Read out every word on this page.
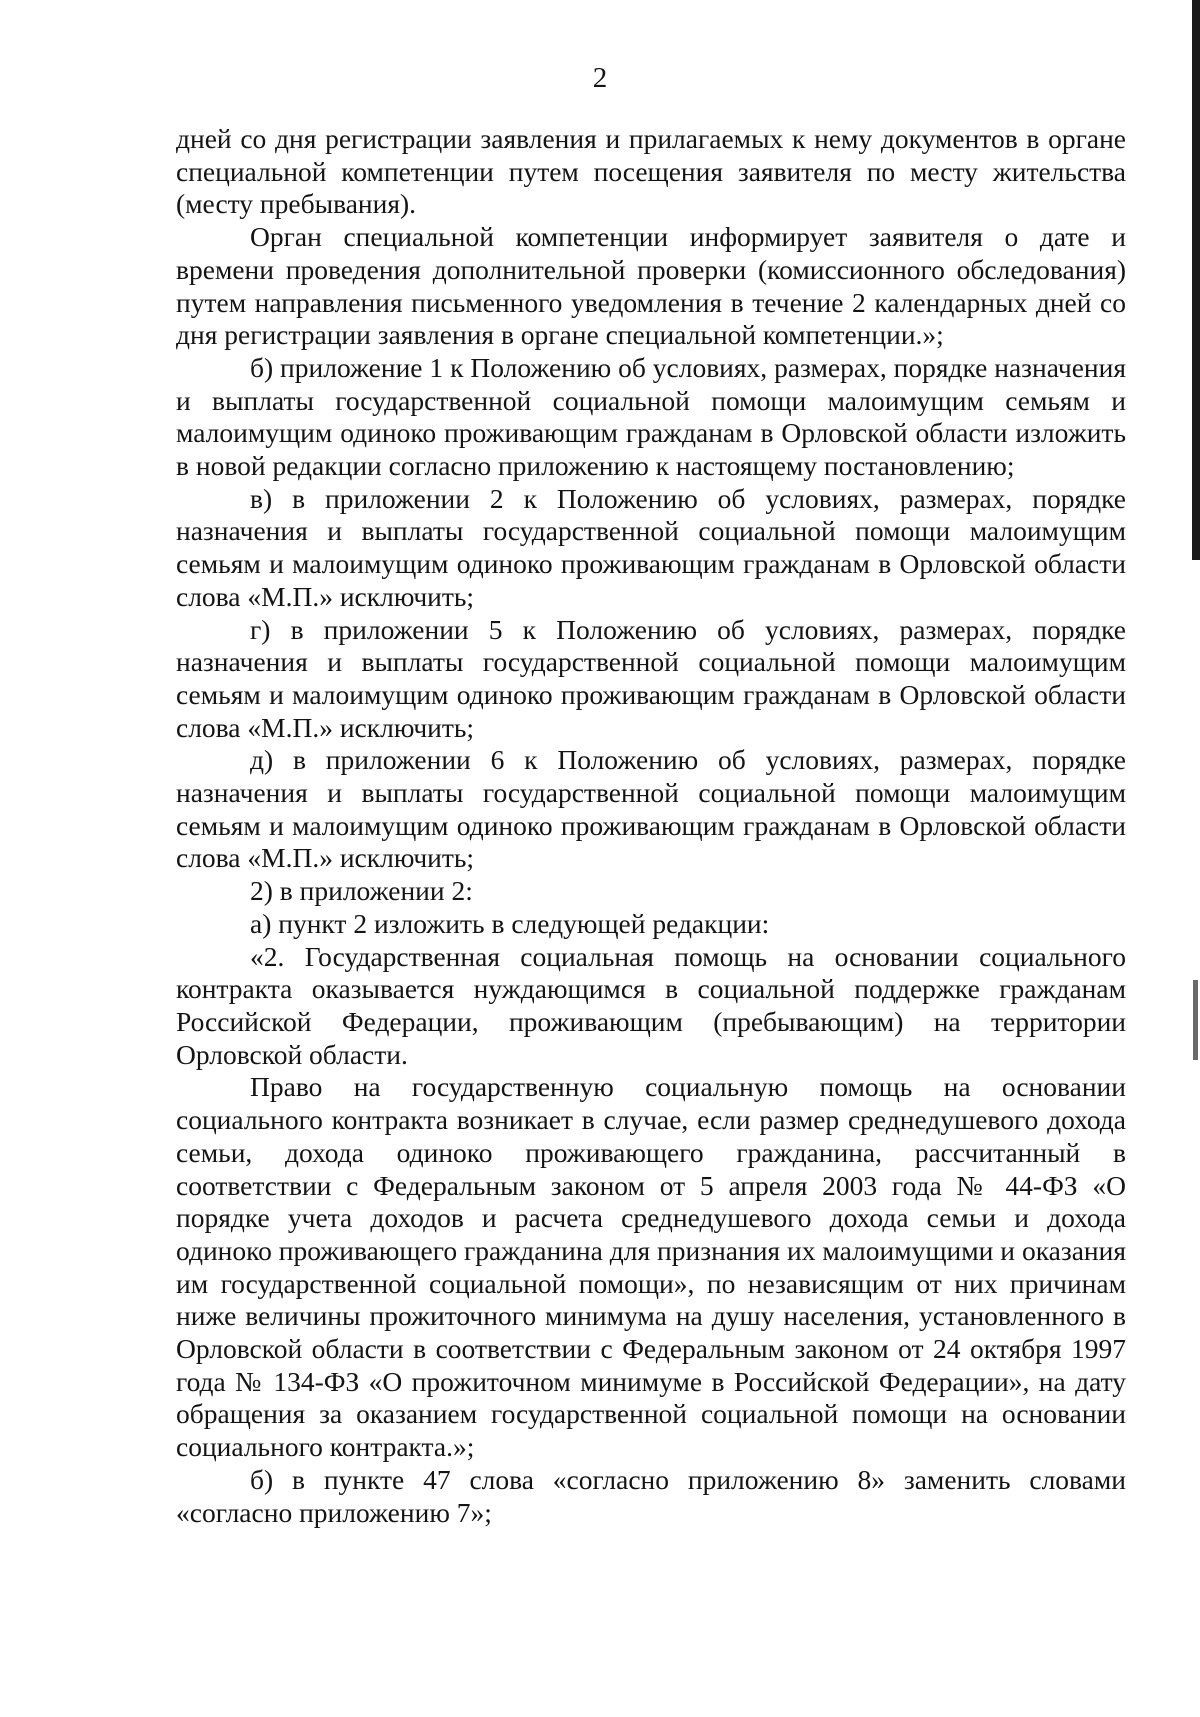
2

дней со дня регистрации заявления и прилагаемых к нему документов в органе специальной компетенции путем посещения заявителя по месту жительства (месту пребывания).

Орган специальной компетенции информирует заявителя о дате и времени проведения дополнительной проверки (комиссионного обследования) путем направления письменного уведомления в течение 2 календарных дней со дня регистрации заявления в органе специальной компетенции.»;

б) приложение 1 к Положению об условиях, размерах, порядке назначения и выплаты государственной социальной помощи малоимущим семьям и малоимущим одиноко проживающим гражданам в Орловской области изложить в новой редакции согласно приложению к настоящему постановлению;

в) в приложении 2 к Положению об условиях, размерах, порядке назначения и выплаты государственной социальной помощи малоимущим семьям и малоимущим одиноко проживающим гражданам в Орловской области слова «М.П.» исключить;

г) в приложении 5 к Положению об условиях, размерах, порядке назначения и выплаты государственной социальной помощи малоимущим семьям и малоимущим одиноко проживающим гражданам в Орловской области слова «М.П.» исключить;

д) в приложении 6 к Положению об условиях, размерах, порядке назначения и выплаты государственной социальной помощи малоимущим семьям и малоимущим одиноко проживающим гражданам в Орловской области слова «М.П.» исключить;

2) в приложении 2:

а) пункт 2 изложить в следующей редакции:

«2. Государственная социальная помощь на основании социального контракта оказывается нуждающимся в социальной поддержке гражданам Российской Федерации, проживающим (пребывающим) на территории Орловской области.

Право на государственную социальную помощь на основании социального контракта возникает в случае, если размер среднедушевого дохода семьи, дохода одиноко проживающего гражданина, рассчитанный в соответствии с Федеральным законом от 5 апреля 2003 года № 44-ФЗ «О порядке учета доходов и расчета среднедушевого дохода семьи и дохода одиноко проживающего гражданина для признания их малоимущими и оказания им государственной социальной помощи», по независящим от них причинам ниже величины прожиточного минимума на душу населения, установленного в Орловской области в соответствии с Федеральным законом от 24 октября 1997 года № 134-ФЗ «О прожиточном минимуме в Российской Федерации», на дату обращения за оказанием государственной социальной помощи на основании социального контракта.»;

б) в пункте 47 слова «согласно приложению 8» заменить словами «согласно приложению 7»;
